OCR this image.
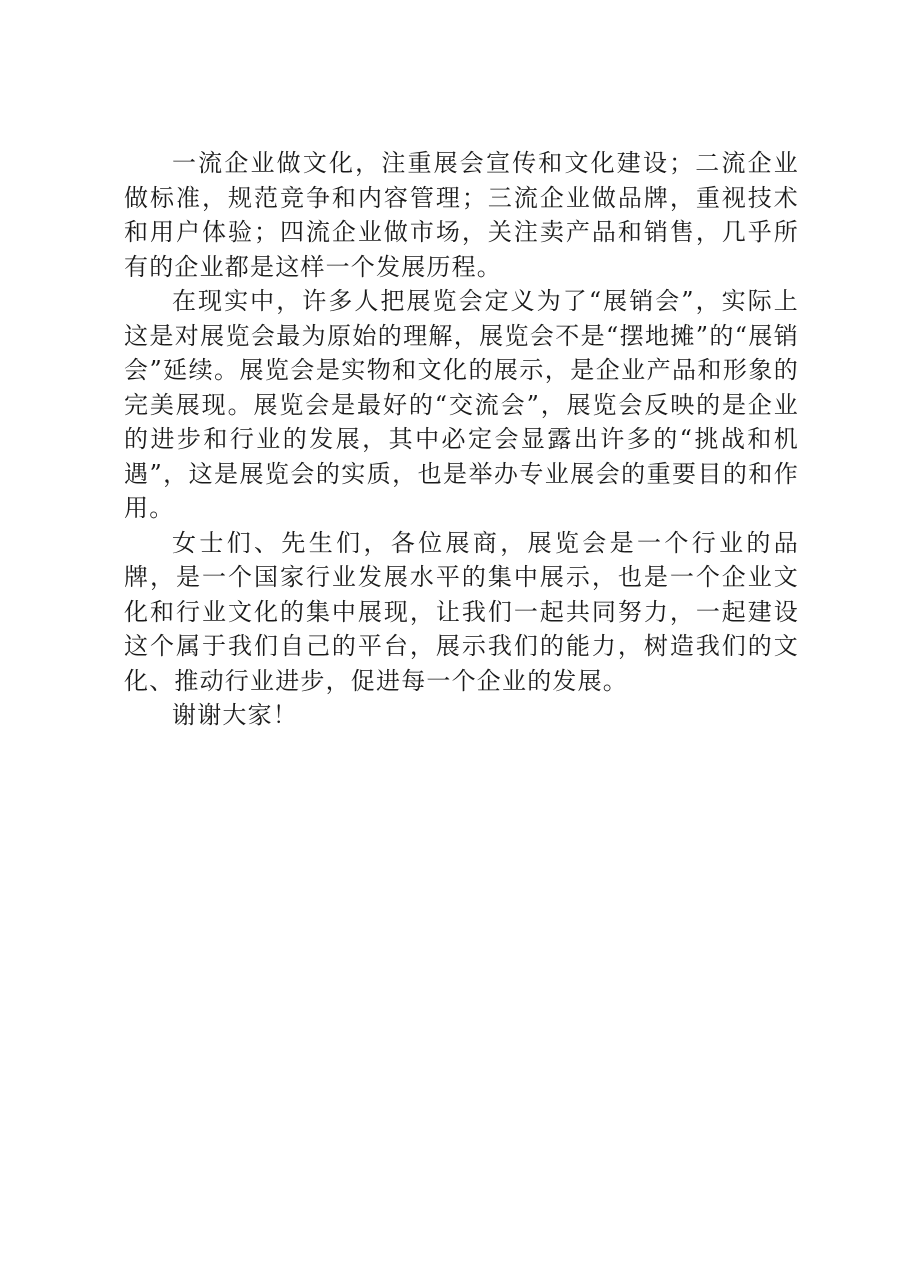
一流企业做文化，注重展会宣传和文化建设；二流企业做标准，规范竞争和内容管理；三流企业做品牌，重视技术和用户体验；四流企业做市场，关注卖产品和销售，几乎所有的企业都是这样一个发展历程。

在现实中，许多人把展览会定义为了“展销会”，实际上这是对展览会最为原始的理解，展览会不是“摆地摊”的“展销会”延续。展览会是实物和文化的展示，是企业产品和形象的完美展现。展览会是最好的“交流会”，展览会反映的是企业的进步和行业的发展，其中必定会显露出许多的“挑战和机遇”，这是展览会的实质，也是举办专业展会的重要目的和作用。

女士们、先生们，各位展商，展览会是一个行业的品牌，是一个国家行业发展水平的集中展示，也是一个企业文化和行业文化的集中展现，让我们一起共同努力，一起建设这个属于我们自己的平台，展示我们的能力，树造我们的文化、推动行业进步，促进每一个企业的发展。

谢谢大家！
